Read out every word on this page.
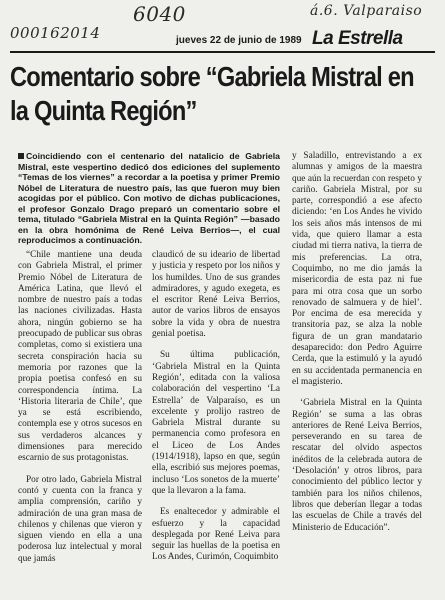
6040
000162014
á.6. Valparaiso
jueves 22 de junio de 1989 La Estrella
Comentario sobre “Gabriela Mistral en la Quinta Región”
Coincidiendo con el centenario del natalicio de Gabriela Mistral, este vespertino dedicó dos ediciones del suplemento “Temas de los viernes” a recordar a la poetisa y primer Premio Nóbel de Literatura de nuestro país, las que fueron muy bien acogidas por el público. Con motivo de dichas publicaciones, el profesor Gonzalo Drago preparó un comentario sobre el tema, titulado “Gabriela Mistral en la Quinta Región” —basado en la obra homónima de René Leiva Berrios—, el cual reproducimos a continuación.

“Chile mantiene una deuda con Gabriela Mistral, el primer Premio Nóbel de Literatura de América Latina, que llevó el nombre de nuestro país a todas las naciones civilizadas. Hasta ahora, ningún gobierno se ha preocupado de publicar sus obras completas, como si existiera una secreta conspiración hacia su memoria por razones que la propia poetisa confesó en su correspondencia íntima. La ‘Historia literaria de Chile’, que ya se está escribiendo, contempla ese y otros sucesos en sus verdaderos alcances y dimensiones para merecido escarnio de sus protagonistas.

Por otro lado, Gabriela Mistral contó y cuenta con la franca y amplia comprensión, cariño y admiración de una gran masa de chilenos y chilenas que vieron y siguen viendo en ella a una poderosa luz intelectual y moral que jamás

claudicó de su ideario de libertad y justicia y respeto por los niños y los humildes. Uno de sus grandes admiradores, y agudo exegeta, es el escritor René Leiva Berrios, autor de varios libros de ensayos sobre la vida y obra de nuestra genial poetisa.

Su última publicación, ‘Gabriela Mistral en la Quinta Región’, editada con la valiosa colaboración del vespertino ‘La Estrella’ de Valparaíso, es un excelente y prolijo rastreo de Gabriela Mistral durante su permanencia como profesora en el Liceo de Los Andes (1914/1918), lapso en que, según ella, escribió sus mejores poemas, incluso ‘Los sonetos de la muerte’ que la llevaron a la fama.

Es enaltecedor y admirable el esfuerzo y la capacidad desplegada por René Leiva para seguir las huellas de la poetisa en Los Andes, Curimón, Coquimbito

y Saladillo, entrevistando a ex alumnas y amigos de la maestra que aún la recuerdan con respeto y cariño. Gabriela Mistral, por su parte, correspondió a ese afecto diciendo: ‘en Los Andes he vivido los seis años más intensos de mi vida, que quiero llamar a esta ciudad mi tierra nativa, la tierra de mis preferencias. La otra, Coquimbo, no me dio jamás la misericordia de esta paz ni fue para mi otra cosa que un sorbo renovado de salmuera y de hiel’. Por encima de esa merecida y transitoria paz, se alza la noble figura de un gran mandatario desaparecido: don Pedro Aguirre Cerda, que la estimuló y la ayudó en su accidentada permanencia en el magisterio.

‘Gabriela Mistral en la Quinta Región’ se suma a las obras anteriores de René Leiva Berrios, perseverando en su tarea de rescatar del olvido aspectos inéditos de la celebrada autora de ‘Desolación’ y otros libros, para conocimiento del público lector y también para los niños chilenos, libros que deberían llegar a todas las escuelas de Chile a través del Ministerio de Educación”.
